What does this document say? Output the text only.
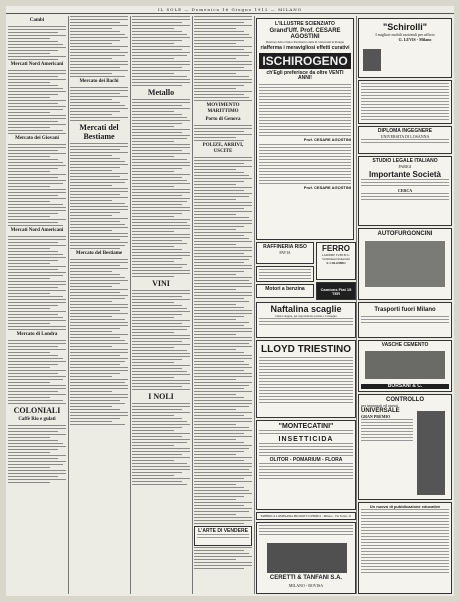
IL SOLE — Domenica 16 Giugno 1912 — MILANO
Cambi
Mercati Nord Americani
Mercato dei Giovani
Mercati Nord Americani
Mercato di Londra
COLONIALI
Caffè Rio e gulati
Mercato dei Bachi
Mercati del Bestiame
Mercato del Bestiame
Metallo
VINI
I NOLI
MOVIMENTO MARITTIMO
Porto di Genova
POLIZE, ARRIVI, USCITE
L'ILLUSTRE SCIENZIATO
Grand'Uff. Prof. CESARE AGOSTINI
Direttore della Clinica Psichiatrica della R. Università di Perugia
riafferma i meravigliosi effetti curativi
ISCHIROGENO
ch'Egli preferisce da oltre VENTI ANNI!
Prof. CESARE AGOSTINI
Prof. CESARE AGOSTINI
"Schirolli"
I migliori mobili razionali per ufficio
G. LEVIS - Milano
DIPLOMA INGEGNERE
UNIVERSITA DI LOSANNA
STUDIO LEGALE ITALIANO
PARIGI
Importante Società
CERCA
AUTOFURGONCINI
RAFFINERIA RISO
PAVIA	FERRO
LAMIERE TUBI ECC.
Stabilimenti Industriali
F. COLOMBO
Motori a benzina	Camions Fiat 15 TER
Naftalina scaglie
bianca doppia, per esportazione pronta e Consegna
Trasporti fuori Milano
LLOYD TRIESTINO	VASCHE CEMENTO
BORSANI & C.
"MONTECATINI"
INSETTICIDA
OLITOR - POMARIUM - FLORA
CONTROLLO
per impiegati ed operai
UNIVERSALE
GRAN PREMIO
FABBRICA LOMBARDA PRODOTTI CHIMICI - Milano - Via Turati, 31
CERETTI & TANFANI S.A.
MILANO - BOVISA
L'ARTE DI VENDERE
Un nuovo di pubblicazione educative
